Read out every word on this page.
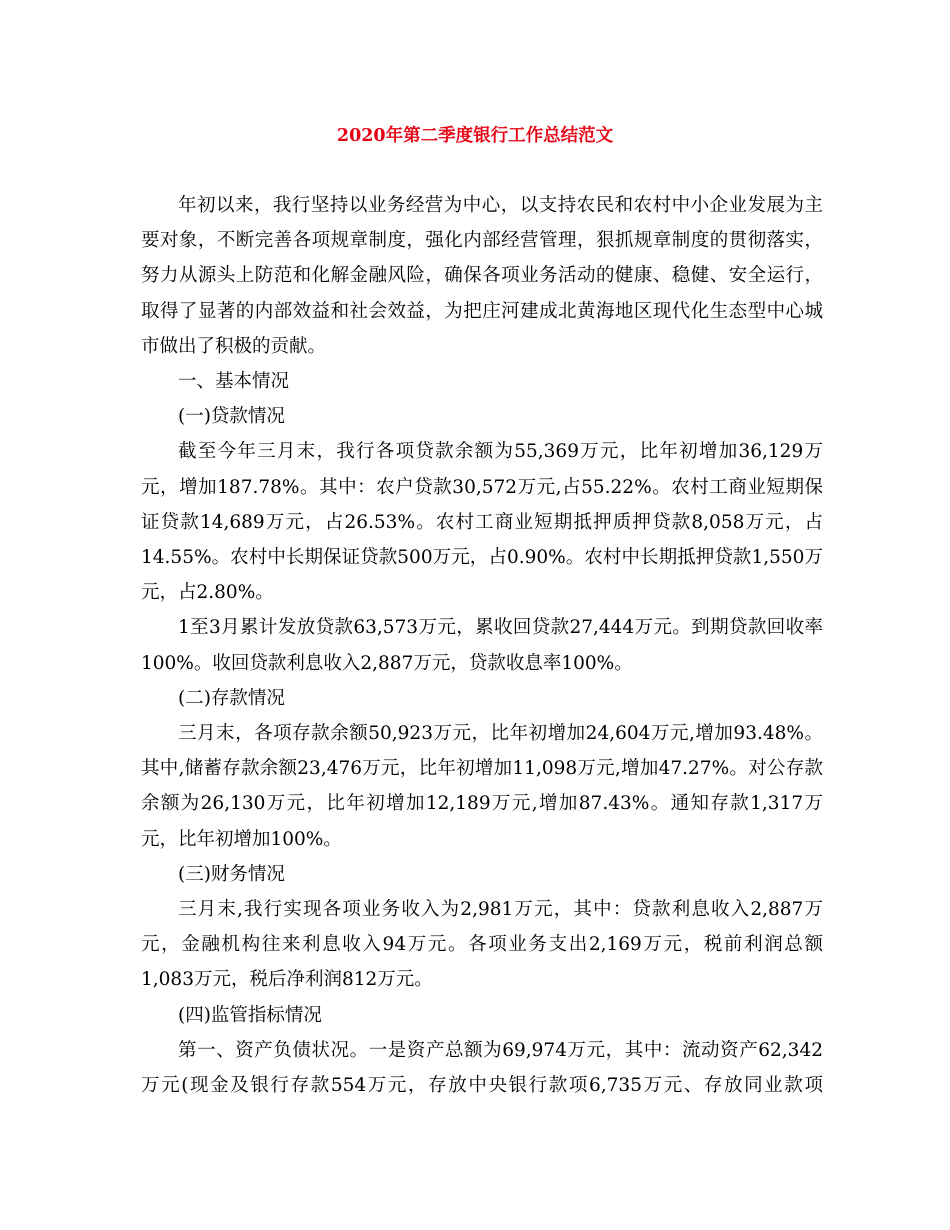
2020年第二季度银行工作总结范文

年初以来，我行坚持以业务经营为中心，以支持农民和农村中小企业发展为主要对象，不断完善各项规章制度，强化内部经营管理，狠抓规章制度的贯彻落实，努力从源头上防范和化解金融风险，确保各项业务活动的健康、稳健、安全运行，取得了显著的内部效益和社会效益，为把庄河建成北黄海地区现代化生态型中心城市做出了积极的贡献。

一、基本情况

(一)贷款情况

截至今年三月末，我行各项贷款余额为55,369万元，比年初增加36,129万元，增加187.78%。其中：农户贷款30,572万元,占55.22%。农村工商业短期保证贷款14,689万元，占26.53%。农村工商业短期抵押质押贷款8,058万元，占14.55%。农村中长期保证贷款500万元，占0.90%。农村中长期抵押贷款1,550万元，占2.80%。

1至3月累计发放贷款63,573万元，累收回贷款27,444万元。到期贷款回收率100%。收回贷款利息收入2,887万元，贷款收息率100%。

(二)存款情况

三月末，各项存款余额50,923万元，比年初增加24,604万元,增加93.48%。其中,储蓄存款余额23,476万元，比年初增加11,098万元,增加47.27%。对公存款余额为26,130万元，比年初增加12,189万元,增加87.43%。通知存款1,317万元，比年初增加100%。

(三)财务情况

三月末,我行实现各项业务收入为2,981万元，其中：贷款利息收入2,887万元，金融机构往来利息收入94万元。各项业务支出2,169万元，税前利润总额1,083万元，税后净利润812万元。

(四)监管指标情况

第一、资产负债状况。一是资产总额为69,974万元，其中：流动资产62,342万元(现金及银行存款554万元，存放中央银行款项6,735万元、存放同业款项
